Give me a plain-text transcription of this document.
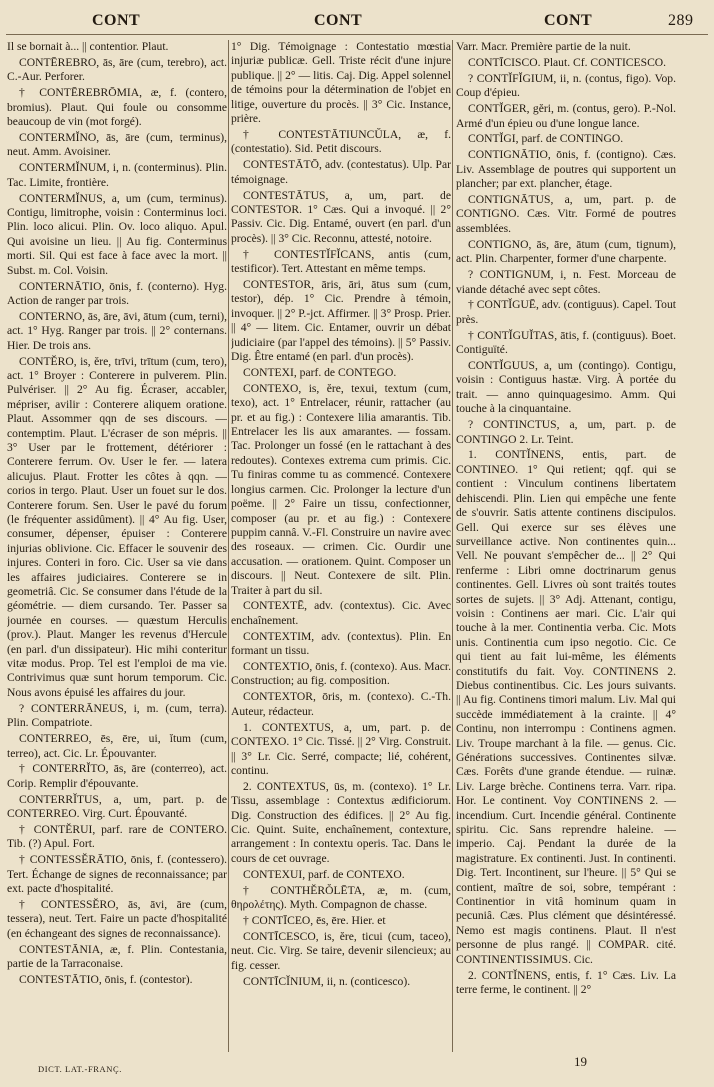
CONT	CONT	CONT	289

Il se bornait à... || contentior. Plaut.

CONTĒREBRO, ās, āre (cum, terebro), act. C.-Aur. Perforer.

† CONTĒREBRŌMIA, æ, f. (contero, bromius). Plaut. Qui foule ou consomme beaucoup de vin (mot forgé).

CONTERMĬNO, ās, āre (cum, terminus), neut. Amm. Avoisiner.

CONTERMĬNUM, i, n. (conterminus). Plin. Tac. Limite, frontière.

CONTERMĬNUS, a, um (cum, terminus). Contigu, limitrophe, voisin : Conterminus loci. Plin. loco alicui. Plin. Ov. loco aliquo. Apul. Qui avoisine un lieu. || Au fig. Conterminus morti. Sil. Qui est face à face avec la mort. || Subst. m. Col. Voisin.

CONTERNĀTIO, ōnis, f. (conterno). Hyg. Action de ranger par trois.

CONTERNO, ās, āre, āvi, ātum (cum, terni), act. 1° Hyg. Ranger par trois. || 2° conternans. Hier. De trois ans.

CONTĔRO, is, ĕre, trīvi, trītum (cum, tero), act. 1° Broyer : Conterere in pulverem. Plin. Pulvériser. || 2° Au fig. Écraser, accabler, mépriser, avilir : Conterere aliquem oratione. Plaut. Assommer qqn de ses discours. — contemptim. Plaut. L'écraser de son mépris. || 3° User par le frottement, détériorer : Conterere ferrum. Ov. User le fer. — latera alicujus. Plaut. Frotter les côtes à qqn. — corios in tergo. Plaut. User un fouet sur le dos. Conterere forum. Sen. User le pavé du forum (le fréquenter assidûment). || 4° Au fig. User, consumer, dépenser, épuiser : Conterere injurias oblivione. Cic. Effacer le souvenir des injures. Conteri in foro. Cic. User sa vie dans les affaires judiciaires. Conterere se in geometriâ. Cic. Se consumer dans l'étude de la géométrie. — diem cursando. Ter. Passer sa journée en courses. — quæstum Herculis (prov.). Plaut. Manger les revenus d'Hercule (en parl. d'un dissipateur). Hic mihi conteritur vitæ modus. Prop. Tel est l'emploi de ma vie. Contrivimus quæ sunt horum temporum. Cic. Nous avons épuisé les affaires du jour.

? CONTERRĀNEUS, i, m. (cum, terra). Plin. Compatriote.

CONTERREO, ēs, ēre, ui, ĭtum (cum, terreo), act. Cic. Lr. Épouvanter.

† CONTERRĬTO, ās, āre (conterreo), act. Corip. Remplir d'épouvante.

CONTERRĬTUS, a, um, part. p. de CONTERREO. Virg. Curt. Épouvanté.

† CONTĔRUI, parf. rare de CONTERO. Tib. (?) Apul. Fort.

† CONTESSĔRĀTIO, ōnis, f. (contessero). Tert. Échange de signes de reconnaissance; par ext. pacte d'hospitalité.

† CONTESSĔRO, ās, āvi, āre (cum, tessera), neut. Tert. Faire un pacte d'hospitalité (en échangeant des signes de reconnaissance).

CONTESTĀNIA, æ, f. Plin. Contestania, partie de la Tarraconaise.

CONTESTĀTIO, ōnis, f. (contestor).

1° Dig. Témoignage : Contestatio mœstia injuriæ publicæ. Gell. Triste récit d'une injure publique. || 2° — litis. Caj. Dig. Appel solennel de témoins pour la détermination de l'objet en litige, ouverture du procès. || 3° Cic. Instance, prière.

† CONTESTĀTIUNCŬLA, æ, f. (contestatio). Sid. Petit discours.

CONTESTĀTŌ, adv. (contestatus). Ulp. Par témoignage.

CONTESTĀTUS, a, um, part. de CONTESTOR. 1° Cæs. Qui a invoqué. || 2° Passiv. Cic. Dig. Entamé, ouvert (en parl. d'un procès). || 3° Cic. Reconnu, attesté, notoire.

† CONTESTĬFĬCANS, antis (cum, testificor). Tert. Attestant en même temps.

CONTESTOR, āris, āri, ātus sum (cum, testor), dép. 1° Cic. Prendre à témoin, invoquer. || 2° P.-jct. Affirmer. || 3° Prosp. Prier. || 4° — litem. Cic. Entamer, ouvrir un débat judiciaire (par l'appel des témoins). || 5° Passiv. Dig. Être entamé (en parl. d'un procès).

CONTEXI, parf. de CONTEGO.

CONTEXO, is, ĕre, texui, textum (cum, texo), act. 1° Entrelacer, réunir, rattacher (au pr. et au fig.) : Contexere lilia amarantis. Tib. Entrelacer les lis aux amarantes. — fossam. Tac. Prolonger un fossé (en le rattachant à des redoutes). Contexes extrema cum primis. Cic. Tu finiras comme tu as commencé. Contexere longius carmen. Cic. Prolonger la lecture d'un poëme. || 2° Faire un tissu, confectionner, composer (au pr. et au fig.) : Contexere puppim cannâ. V.-Fl. Construire un navire avec des roseaux. — crimen. Cic. Ourdir une accusation. — orationem. Quint. Composer un discours. || Neut. Contexere de silt. Plin. Traiter à part du sil.

CONTEXTĒ, adv. (contextus). Cic. Avec enchaînement.

CONTEXTIM, adv. (contextus). Plin. En formant un tissu.

CONTEXTIO, ōnis, f. (contexo). Aus. Macr. Construction; au fig. composition.

CONTEXTOR, ōris, m. (contexo). C.-Th. Auteur, rédacteur.

1. CONTEXTUS, a, um, part. p. de CONTEXO. 1° Cic. Tissé. || 2° Virg. Construit. || 3° Lr. Cic. Serré, compacte; lié, cohérent, continu.

2. CONTEXTUS, ūs, m. (contexo). 1° Lr. Tissu, assemblage : Contextus ædificiorum. Dig. Construction des édifices. || 2° Au fig. Cic. Quint. Suite, enchaînement, contexture, arrangement : In contextu operis. Tac. Dans le cours de cet ouvrage.

CONTEXUI, parf. de CONTEXO.

† CONTHĔRŎLĒTA, æ, m. (cum, θηρολέτης). Myth. Compagnon de chasse.

† CONTĪCEO, ēs, ēre. Hier. et

CONTĪCESCO, is, ĕre, ticui (cum, taceo), neut. Cic. Virg. Se taire, devenir silencieux; au fig. cesser.

CONTĪCĬNIUM, ii, n. (conticesco).

Varr. Macr. Première partie de la nuit.

CONTĪCISCO. Plaut. Cf. CONTICESCO.

? CONTĬFĬGIUM, ii, n. (contus, figo). Vop. Coup d'épieu.

CONTĬGER, gĕri, m. (contus, gero). P.-Nol. Armé d'un épieu ou d'une longue lance.

CONTĬGI, parf. de CONTINGO.

CONTIGNĀTIO, ōnis, f. (contigno). Cæs. Liv. Assemblage de poutres qui supportent un plancher; par ext. plancher, étage.

CONTIGNĀTUS, a, um, part. p. de CONTIGNO. Cæs. Vitr. Formé de poutres assemblées.

CONTIGNO, ās, āre, ātum (cum, tignum), act. Plin. Charpenter, former d'une charpente.

? CONTIGNUM, i, n. Fest. Morceau de viande détaché avec sept côtes.

† CONTĬGUĒ, adv. (contiguus). Capel. Tout près.

† CONTĬGUĬTAS, ātis, f. (contiguus). Boet. Contiguïté.

CONTĬGUUS, a, um (contingo). Contigu, voisin : Contiguus hastæ. Virg. À portée du trait. — anno quinquagesimo. Amm. Qui touche à la cinquantaine.

? CONTINCTUS, a, um, part. p. de CONTINGO 2. Lr. Teint.

1. CONTĬNENS, entis, part. de CONTINEO. 1° Qui retient; qqf. qui se contient : Vinculum continens libertatem dehiscendi. Plin. Lien qui empêche une fente de s'ouvrir. Satis attente continens discipulos. Gell. Qui exerce sur ses élèves une surveillance active. Non continentes quin... Vell. Ne pouvant s'empêcher de... || 2° Qui renferme : Libri omne doctrinarum genus continentes. Gell. Livres où sont traités toutes sortes de sujets. || 3° Adj. Attenant, contigu, voisin : Continens aer mari. Cic. L'air qui touche à la mer. Continentia verba. Cic. Mots unis. Continentia cum ipso negotio. Cic. Ce qui tient au fait lui-même, les éléments constitutifs du fait. Voy. CONTINENS 2. Diebus continentibus. Cic. Les jours suivants. || Au fig. Continens timori malum. Liv. Mal qui succède immédiatement à la crainte. || 4° Continu, non interrompu : Continens agmen. Liv. Troupe marchant à la file. — genus. Cic. Générations successives. Continentes silvæ. Cæs. Forêts d'une grande étendue. — ruinæ. Liv. Large brèche. Continens terra. Varr. ripa. Hor. Le continent. Voy CONTINENS 2. — incendium. Curt. Incendie général. Continente spiritu. Cic. Sans reprendre haleine. — imperio. Caj. Pendant la durée de la magistrature. Ex continenti. Just. In continenti. Dig. Tert. Incontinent, sur l'heure. || 5° Qui se contient, maître de soi, sobre, tempérant : Continentior in vitâ hominum quam in pecuniâ. Cæs. Plus clément que désintéressé. Nemo est magis continens. Plaut. Il n'est personne de plus rangé. || COMPAR. cité. CONTINENTISSIMUS. Cic.

2. CONTĬNENS, entis, f. 1° Cæs. Liv. La terre ferme, le continent. || 2°

DICT. LAT.-FRANÇ.	19
